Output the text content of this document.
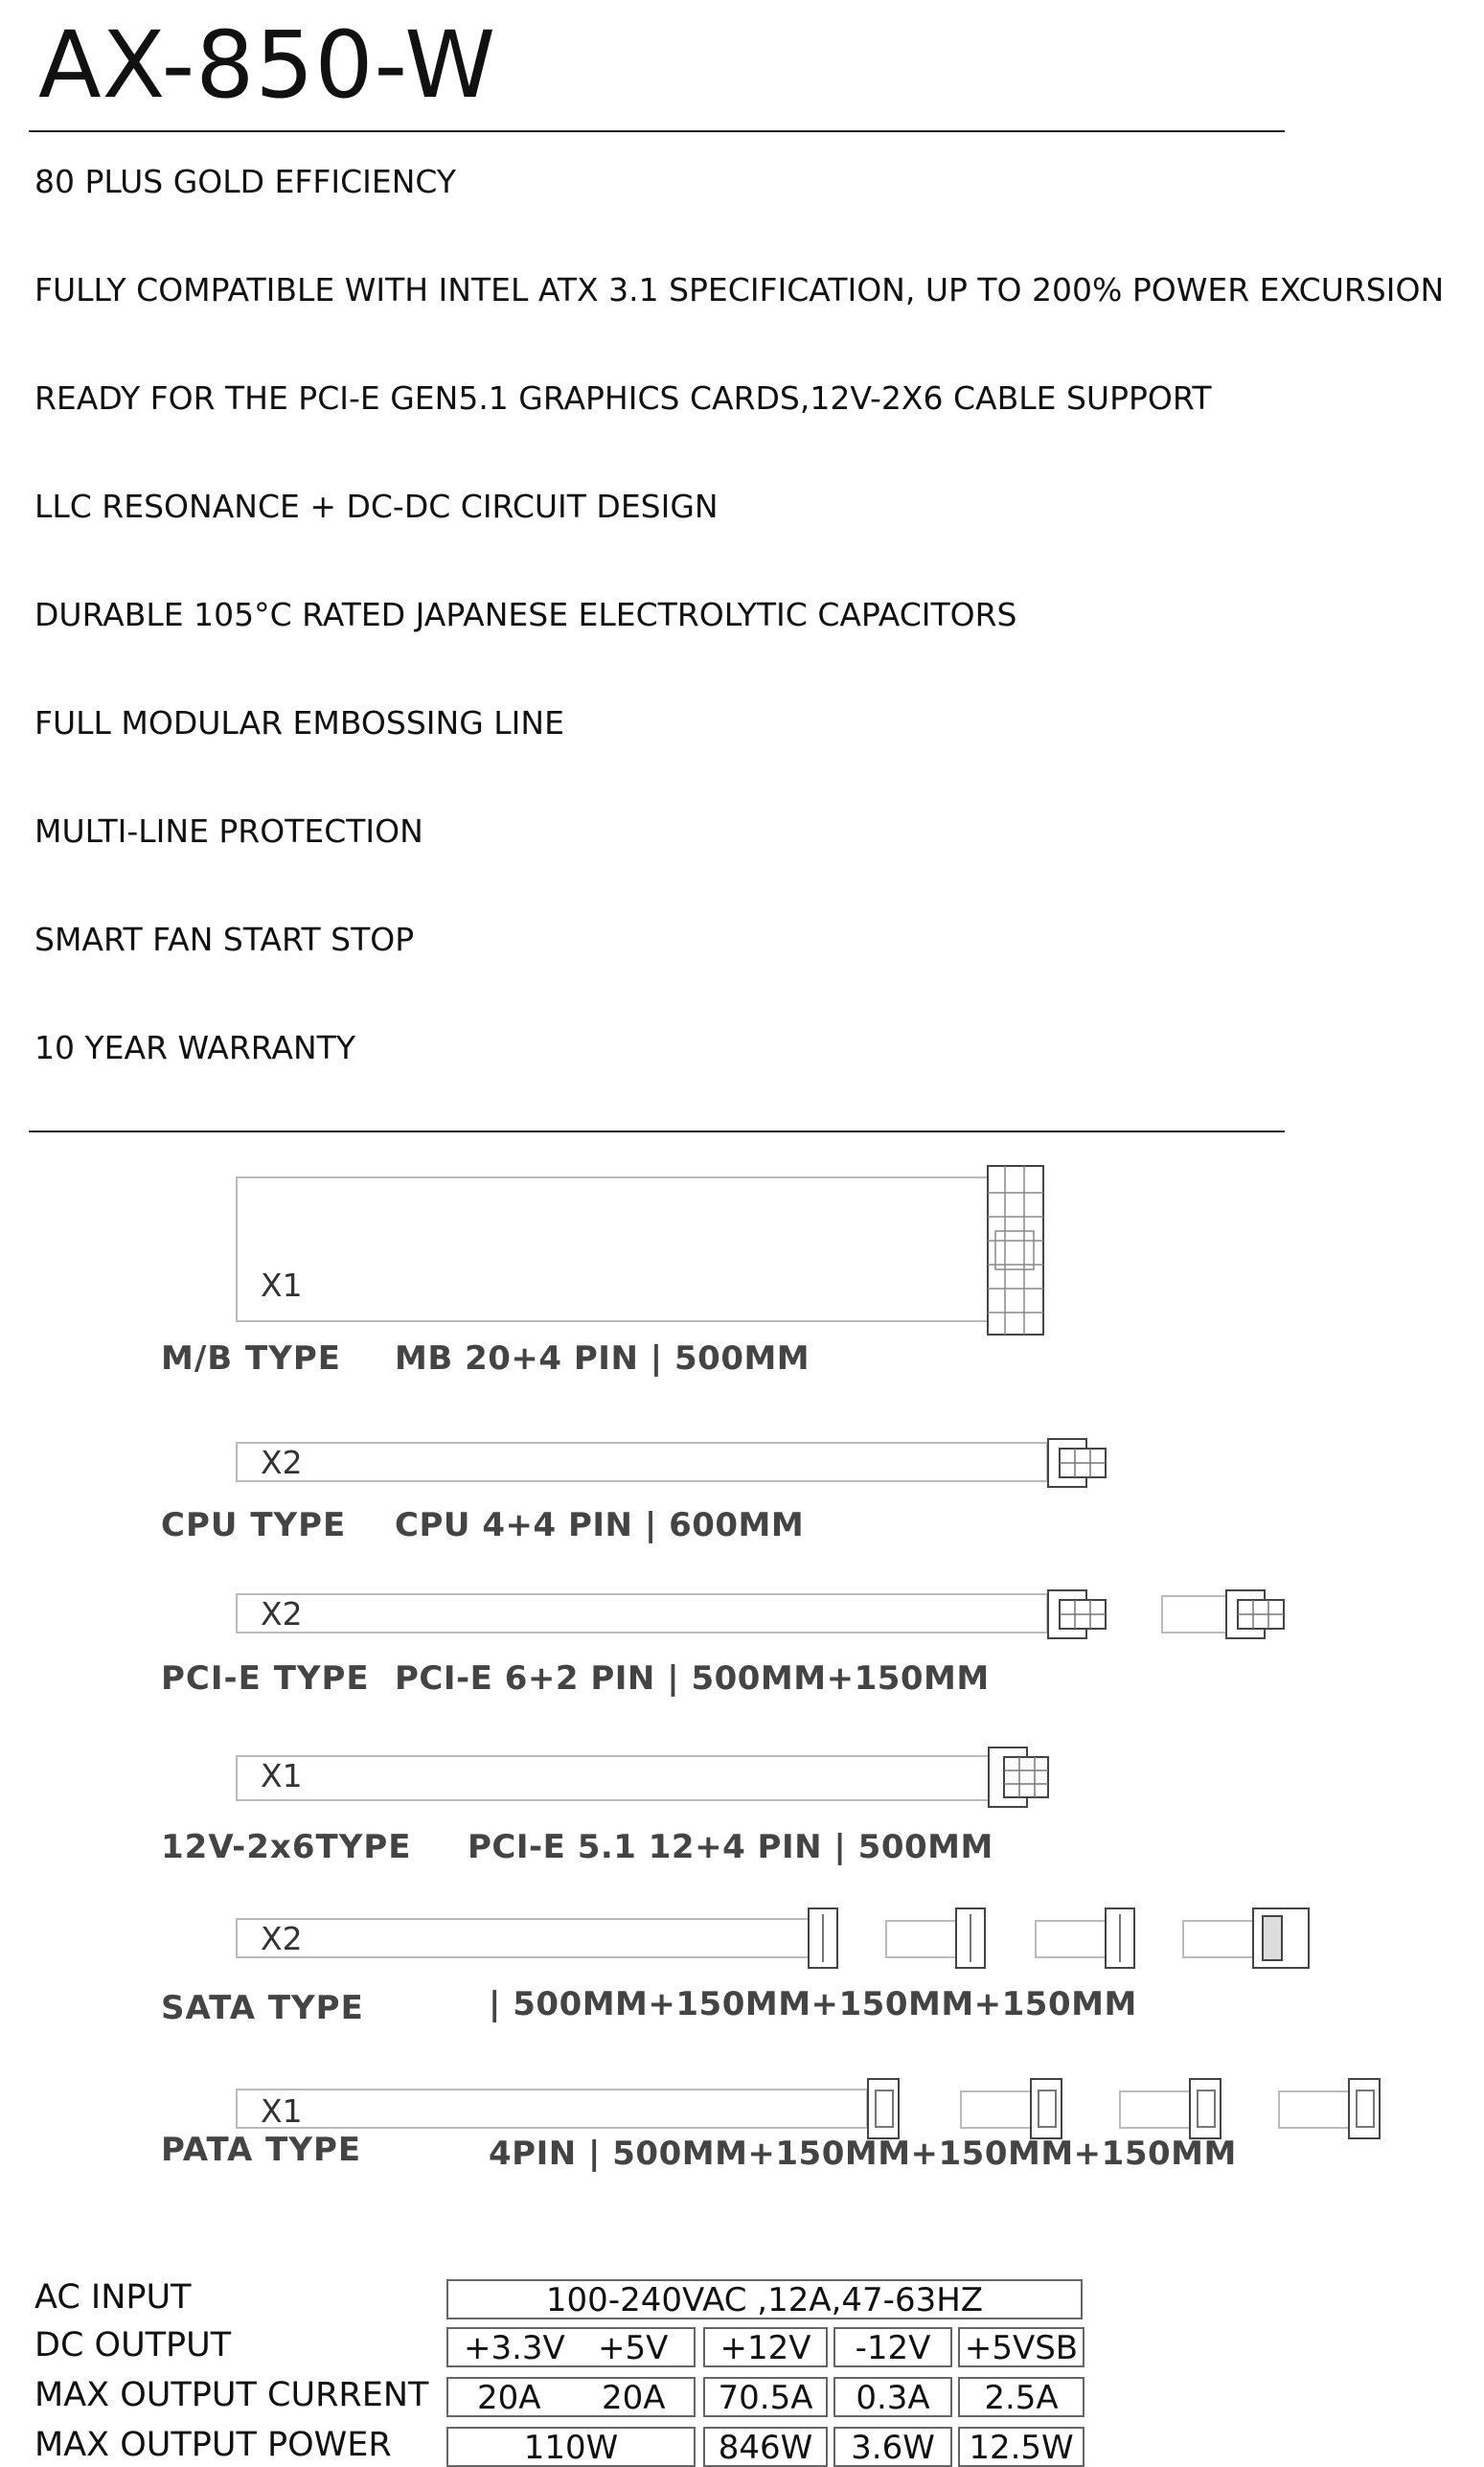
AX-850-W
80 PLUS GOLD EFFICIENCY
FULLY COMPATIBLE WITH INTEL ATX 3.1 SPECIFICATION, UP TO 200% POWER EXCURSION
READY FOR THE PCI-E GEN5.1 GRAPHICS CARDS,12V-2X6 CABLE SUPPORT
LLC RESONANCE + DC-DC CIRCUIT DESIGN
DURABLE 105°C RATED JAPANESE ELECTROLYTIC CAPACITORS
FULL MODULAR EMBOSSING LINE
MULTI-LINE PROTECTION
SMART FAN START STOP
10 YEAR WARRANTY
X1
M/B TYPE MB 20+4 PIN | 500MM
X2
CPU TYPE CPU 4+4 PIN | 600MM
X2
PCI-E TYPE PCI-E 6+2 PIN | 500MM+150MM
X1
12V-2x6TYPE PCI-E 5.1 12+4 PIN | 500MM
X2
SATA TYPE	| 500MM+150MM+150MM+150MM
X1
PATA TYPE	4PIN | 500MM+150MM+150MM+150MM
AC INPUT	100-240VAC ,12A,47-63HZ
DC OUTPUT	+3.3V +5V	+12V	-12V	+5VSB
MAX OUTPUT CURRENT 20A 20A	70.5A	0.3A	2.5A
MAX OUTPUT POWER	110W	846W	3.6W	12.5W
